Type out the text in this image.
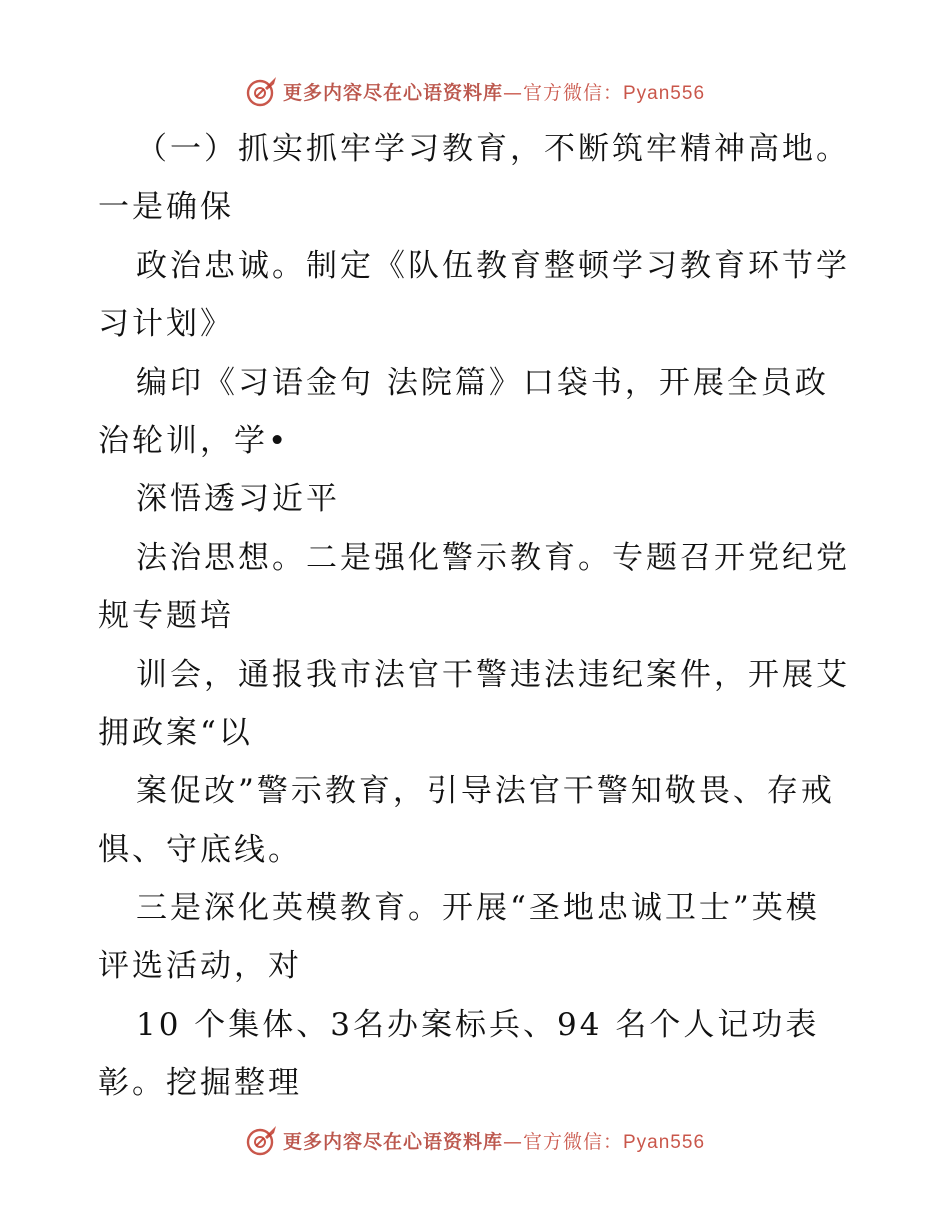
更多内容尽在心语资料库—官方微信：Pyan556
（一）抓实抓牢学习教育，不断筑牢精神高地。
一是确保
政治忠诚。制定《队伍教育整顿学习教育环节学
习计划》
编印《习语金句 法院篇》口袋书，开展全员政
治轮训，学•
深悟透习近平
法治思想。二是强化警示教育。专题召开党纪党
规专题培
训会，通报我市法官干警违法违纪案件，开展艾
拥政案“以
案促改”警示教育，引导法官干警知敬畏、存戒
惧、守底线。
三是深化英模教育。开展“圣地忠诚卫士”英模
评选活动，对
10 个集体、3名办案标兵、94 名个人记功表
彰。挖掘整理
更多内容尽在心语资料库—官方微信：Pyan556
